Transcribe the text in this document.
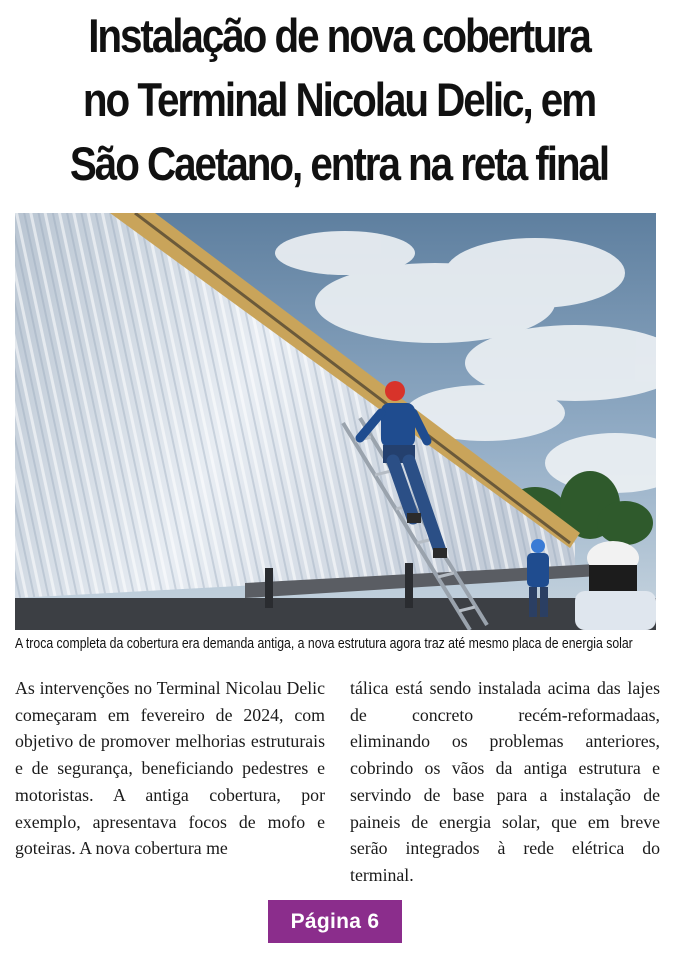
Instalação de nova cobertura
no Terminal Nicolau Delic, em
São Caetano, entra na reta final
A troca completa da cobertura era demanda antiga, a nova estrutura agora traz até mesmo placa de energia solar

As intervenções no Terminal Nicolau Delic começaram em fevereiro de 2024, com objetivo de promover melhorias estruturais e de segurança, beneficiando pedestres e motoristas. A antiga cobertura, por exemplo, apresentava focos de mofo e goteiras. A nova cobertura me

tálica está sendo instalada acima das lajes de concreto recém-reformadaas, eliminando os problemas anteriores, cobrindo os vãos da antiga estrutura e servindo de base para a instalação de paineis de energia solar, que em breve serão integrados à rede elétrica do terminal.

Página 6
